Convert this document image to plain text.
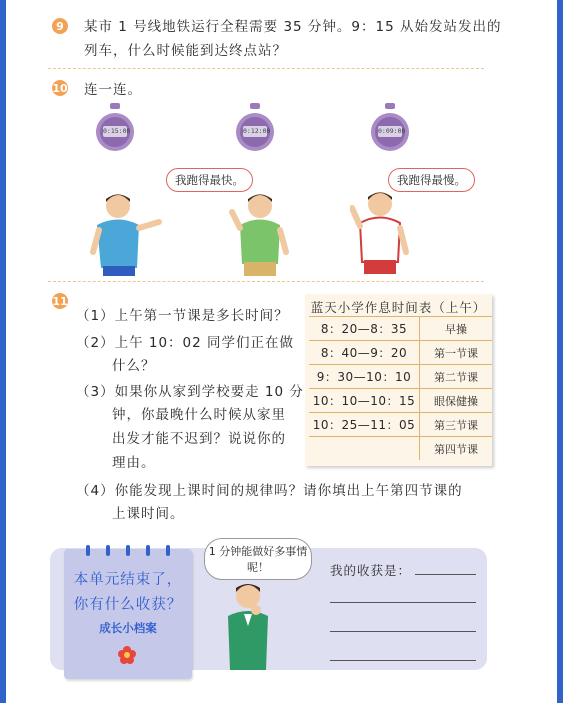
9	某市 1 号线地铁运行全程需要 35 分钟。9：15 从始发站发出的
列车，什么时候能到达终点站？
10 连一连。
0:15:00	0:12:00	0:09:00
我跑得最快。	我跑得最慢。
11
（1）上午第一节课是多长时间？
（2）上午 10：02 同学们正在做
什么？
（3）如果你从家到学校要走 10 分
钟，你最晚什么时候从家里
出发才能不迟到？说说你的
理由。
（4）你能发现上课时间的规律吗？请你填出上午第四节课的
上课时间。
蓝天小学作息时间表（上午）
8：20—8：35	早操
8：40—9：20	第一节课
9：30—10：10	第二节课
10：10—10：15	眼保健操
10：25—11：05	第三节课
	第四节课
本单元结束了，
你有什么收获？
成长小档案
1 分钟能做好多事情呢！	我的收获是：
